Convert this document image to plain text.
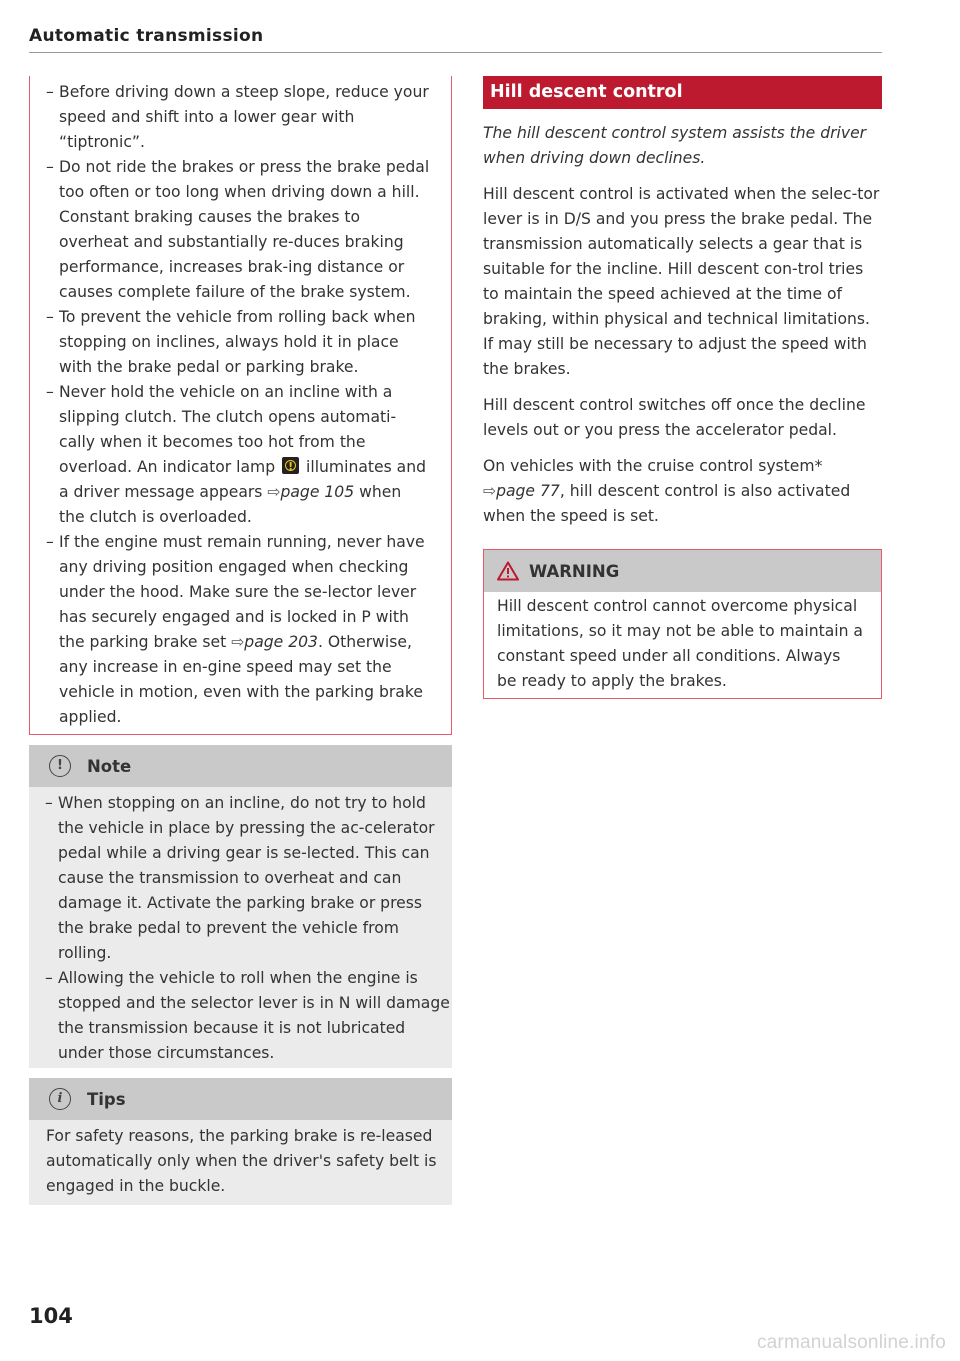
Automatic transmission
– Before driving down a steep slope, reduce your speed and shift into a lower gear with “tiptronic”.
– Do not ride the brakes or press the brake pedal too often or too long when driving down a hill. Constant braking causes the brakes to overheat and substantially re-duces braking performance, increases brak-ing distance or causes complete failure of the brake system.
– To prevent the vehicle from rolling back when stopping on inclines, always hold it in place with the brake pedal or parking brake.
– Never hold the vehicle on an incline with a slipping clutch. The clutch opens automati-cally when it becomes too hot from the overload. An indicator lamp ! illuminates and a driver message appears ⇨page 105 when the clutch is overloaded.
– If the engine must remain running, never have any driving position engaged when checking under the hood. Make sure the se-lector lever has securely engaged and is locked in P with the parking brake set ⇨page 203. Otherwise, any increase in en-gine speed may set the vehicle in motion, even with the parking brake applied.
!	Note
– When stopping on an incline, do not try to hold the vehicle in place by pressing the ac-celerator pedal while a driving gear is se-lected. This can cause the transmission to overheat and can damage it. Activate the parking brake or press the brake pedal to prevent the vehicle from rolling.
– Allowing the vehicle to roll when the engine is stopped and the selector lever is in N will damage the transmission because it is not lubricated under those circumstances.
i	Tips
For safety reasons, the parking brake is re-leased automatically only when the driver's safety belt is engaged in the buckle.
Hill descent control

The hill descent control system assists the driver when driving down declines.

Hill descent control is activated when the selec-tor lever is in D/S and you press the brake pedal. The transmission automatically selects a gear that is suitable for the incline. Hill descent con-trol tries to maintain the speed achieved at the time of braking, within physical and technical limitations. If may still be necessary to adjust the speed with the brakes.

Hill descent control switches off once the decline levels out or you press the accelerator pedal.

On vehicles with the cruise control system*
⇨page 77, hill descent control is also activated when the speed is set.

WARNING
Hill descent control cannot overcome physical limitations, so it may not be able to maintain a constant speed under all conditions. Always be ready to apply the brakes.
104
carmanualsonline.info
